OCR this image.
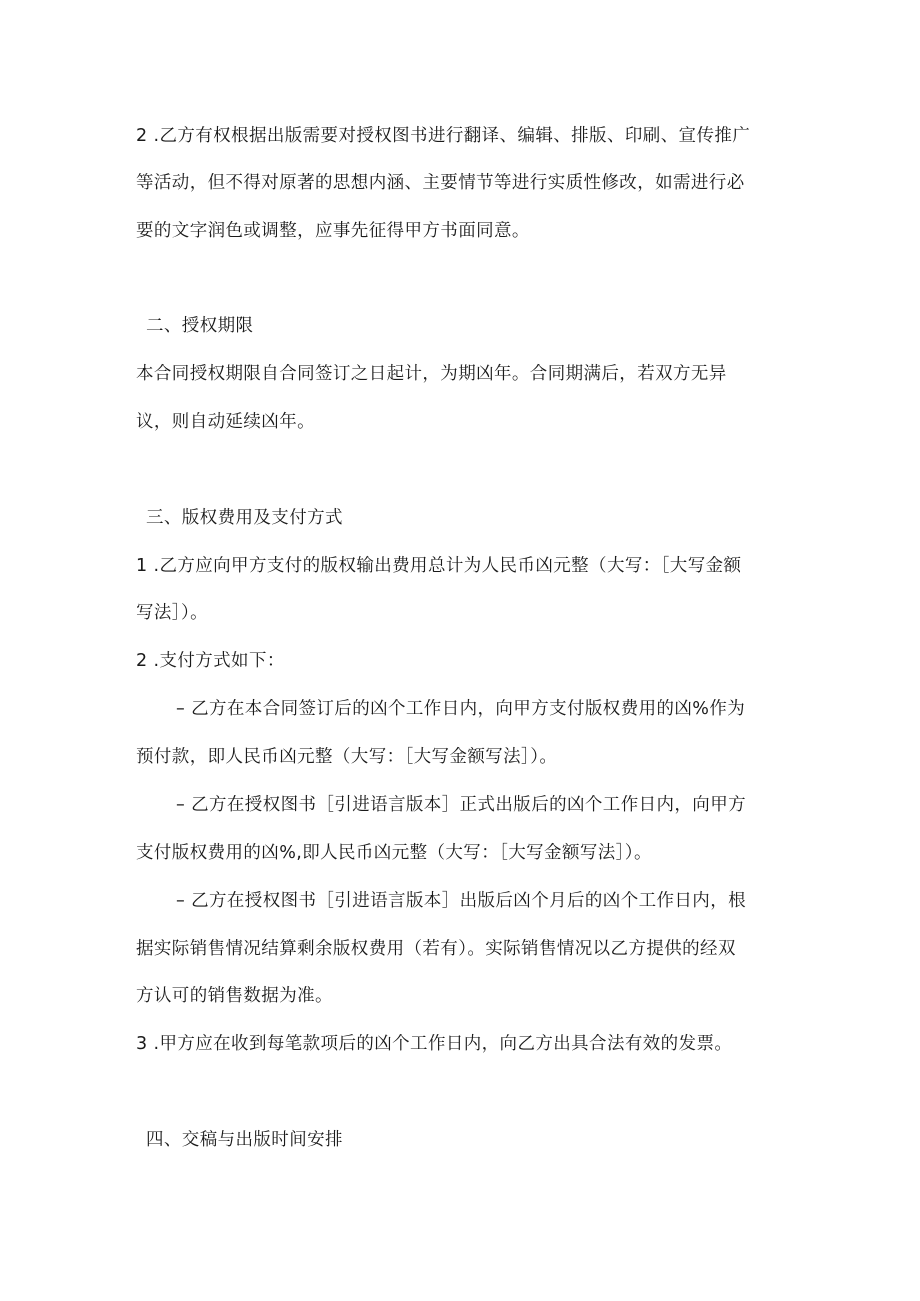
2 .乙方有权根据出版需要对授权图书进行翻译、编辑、排版、印刷、宣传推广
等活动，但不得对原著的思想内涵、主要情节等进行实质性修改，如需进行必
要的文字润色或调整，应事先征得甲方书面同意。
二、授权期限
本合同授权期限自合同签订之日起计，为期凶年。合同期满后，若双方无异
议，则自动延续凶年。
三、版权费用及支付方式
1 .乙方应向甲方支付的版权输出费用总计为人民币凶元整（大写：［大写金额
写法］）。
2 .支付方式如下：
– 乙方在本合同签订后的凶个工作日内，向甲方支付版权费用的凶%作为
预付款，即人民币凶元整（大写：［大写金额写法］）。
– 乙方在授权图书［引进语言版本］正式出版后的凶个工作日内，向甲方
支付版权费用的凶%,即人民币凶元整（大写：［大写金额写法］）。
– 乙方在授权图书［引进语言版本］出版后凶个月后的凶个工作日内，根
据实际销售情况结算剩余版权费用（若有）。实际销售情况以乙方提供的经双
方认可的销售数据为准。
3 .甲方应在收到每笔款项后的凶个工作日内，向乙方出具合法有效的发票。
四、交稿与出版时间安排
